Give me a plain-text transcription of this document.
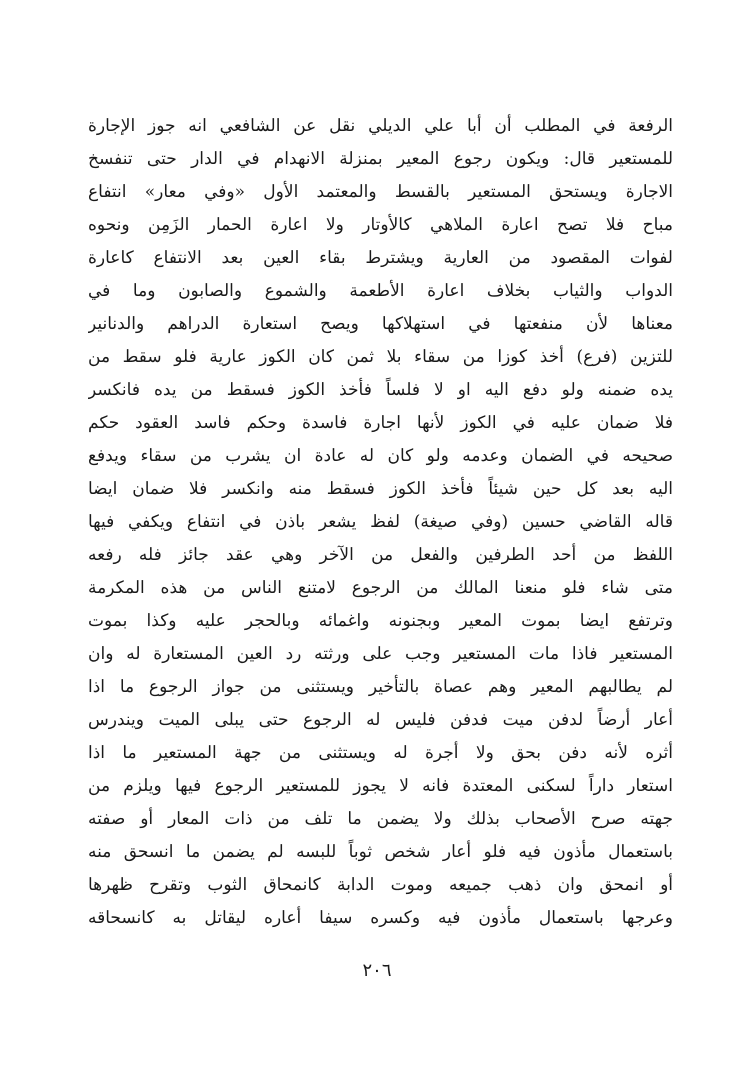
الرفعة في المطلب أن أبا علي الديلي نقل عن الشافعي انه جوز الإجارة
للمستعير قال: ويكون رجوع المعير بمنزلة الانهدام في الدار حتى تنفسخ
الاجارة ويستحق المستعير بالقسط والمعتمد الأول «وفي معار» انتفاع
مباح فلا تصح اعارة الملاهي كالأوتار ولا اعارة الحمار الزَمِن ونحوه
لفوات المقصود من العارية ويشترط بقاء العين بعد الانتفاع كاعارة
الدواب والثياب بخلاف اعارة الأطعمة والشموع والصابون وما في
معناها لأن منفعتها في استهلاكها ويصح استعارة الدراهم والدنانير
للتزين (فرع) أخذ كوزا من سقاء بلا ثمن كان الكوز عارية فلو سقط من
يده ضمنه ولو دفع اليه او لا فلساً فأخذ الكوز فسقط من يده فانكسر
فلا ضمان عليه في الكوز لأنها اجارة فاسدة وحكم فاسد العقود حكم
صحيحه في الضمان وعدمه ولو كان له عادة ان يشرب من سقاء ويدفع
اليه بعد كل حين شيئاً فأخذ الكوز فسقط منه وانكسر فلا ضمان ايضا
قاله القاضي حسين (وفي صيغة) لفظ يشعر باذن في انتفاع ويكفي فيها
اللفظ من أحد الطرفين والفعل من الآخر وهي عقد جائز فله رفعه
متى شاء فلو منعنا المالك من الرجوع لامتنع الناس من هذه المكرمة
وترتفع ايضا بموت المعير وبجنونه واغمائه وبالحجر عليه وكذا بموت
المستعير فاذا مات المستعير وجب على ورثته رد العين المستعارة له وان
لم يطالبهم المعير وهم عصاة بالتأخير ويستثنى من جواز الرجوع ما اذا
أعار أرضاً لدفن ميت فدفن فليس له الرجوع حتى يبلى الميت ويندرس
أثره لأنه دفن بحق ولا أجرة له ويستثنى من جهة المستعير ما اذا
استعار داراً لسكنى المعتدة فانه لا يجوز للمستعير الرجوع فيها ويلزم من
جهته صرح الأصحاب بذلك ولا يضمن ما تلف من ذات المعار أو صفته
باستعمال مأذون فيه فلو أعار شخص ثوباً للبسه لم يضمن ما انسحق منه
أو انمحق وان ذهب جميعه وموت الدابة كانمحاق الثوب وتقرح ظهرها
وعرجها باستعمال مأذون فيه وكسره سيفا أعاره ليقاتل به كانسحاقه
٢٠٦
